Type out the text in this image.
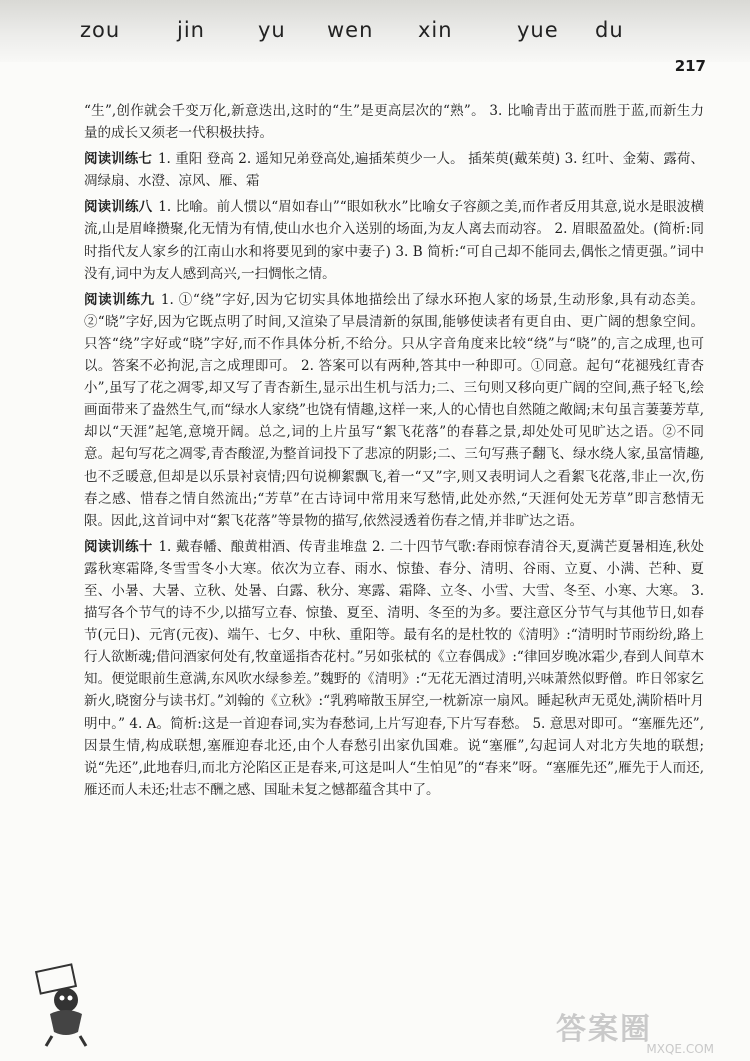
zou	jin	yu wen xin	yue du
217

“生”,创作就会千变万化,新意迭出,这时的“生”是更高层次的“熟”。 3. 比喻青出于蓝而胜于蓝,而新生力量的成长又须老一代积极扶持。

阅读训练七 1. 重阳 登高 2. 遥知兄弟登高处,遍插茱萸少一人。 插茱萸(戴茱萸) 3. 红叶、金菊、露荷、凋绿扇、水澄、凉风、雁、霜

阅读训练八 1. 比喻。前人惯以“眉如春山”“眼如秋水”比喻女子容颜之美,而作者反用其意,说水是眼波横流,山是眉峰攒聚,化无情为有情,使山水也介入送别的场面,为友人离去而动容。 2. 眉眼盈盈处。(简析:同时指代友人家乡的江南山水和将要见到的家中妻子) 3. B 简析:“可自己却不能同去,偶怅之情更强。”词中没有,词中为友人感到高兴,一扫惆怅之情。

阅读训练九 1. ①“绕”字好,因为它切实具体地描绘出了绿水环抱人家的场景,生动形象,具有动态美。②“晓”字好,因为它既点明了时间,又渲染了早晨清新的氛围,能够使读者有更自由、更广阔的想象空间。只答“绕”字好或“晓”字好,而不作具体分析,不给分。只从字音角度来比较“绕”与“晓”的,言之成理,也可以。答案不必拘泥,言之成理即可。 2. 答案可以有两种,答其中一种即可。①同意。起句“花褪残红青杏小”,虽写了花之凋零,却又写了青杏新生,显示出生机与活力;二、三句则又移向更广阔的空间,燕子轻飞,绘画面带来了盎然生气,而“绿水人家绕”也饶有情趣,这样一来,人的心情也自然随之敞阔;末句虽言萋萋芳草,却以“天涯”起笔,意境开阔。总之,词的上片虽写“絮飞花落”的春暮之景,却处处可见旷达之语。②不同意。起句写花之凋零,青杏酸涩,为整首词投下了悲凉的阴影;二、三句写燕子翻飞、绿水绕人家,虽富情趣,也不乏暖意,但却是以乐景衬哀情;四句说柳絮飘飞,着一“又”字,则又表明词人之看絮飞花落,非止一次,伤春之感、惜春之情自然流出;“芳草”在古诗词中常用来写愁情,此处亦然,“天涯何处无芳草”即言愁情无限。因此,这首词中对“絮飞花落”等景物的描写,依然浸透着伤春之情,并非旷达之语。

阅读训练十 1. 戴春幡、酿黄柑酒、传青韭堆盘 2. 二十四节气歌:春雨惊春清谷天,夏满芒夏暑相连,秋处露秋寒霜降,冬雪雪冬小大寒。依次为立春、雨水、惊蛰、春分、清明、谷雨、立夏、小满、芒种、夏至、小暑、大暑、立秋、处暑、白露、秋分、寒露、霜降、立冬、小雪、大雪、冬至、小寒、大寒。 3. 描写各个节气的诗不少,以描写立春、惊蛰、夏至、清明、冬至的为多。要注意区分节气与其他节日,如春节(元日)、元宵(元夜)、端午、七夕、中秋、重阳等。最有名的是杜牧的《清明》:“清明时节雨纷纷,路上行人欲断魂;借问酒家何处有,牧童遥指杏花村。”另如张栻的《立春偶成》:“律回岁晚冰霜少,春到人间草木知。便觉眼前生意满,东风吹水绿参差。”魏野的《清明》:“无花无酒过清明,兴味萧然似野僧。昨日邻家乞新火,晓窗分与读书灯。”刘翰的《立秋》:“乳鸦啼散玉屏空,一枕新凉一扇风。睡起秋声无觅处,满阶梧叶月明中。” 4. A。简析:这是一首迎春词,实为春愁词,上片写迎春,下片写春愁。 5. 意思对即可。“塞雁先还”,因景生情,构成联想,塞雁迎春北还,由个人春愁引出家仇国难。说“塞雁”,勾起词人对北方失地的联想;说“先还”,此地春归,而北方沦陷区正是春来,可这是叫人“生怕见”的“春来”呀。“塞雁先还”,雁先于人而还,雁还而人未还;壮志不酬之感、国耻未复之憾都蕴含其中了。

答案圈
MXQE.COM
